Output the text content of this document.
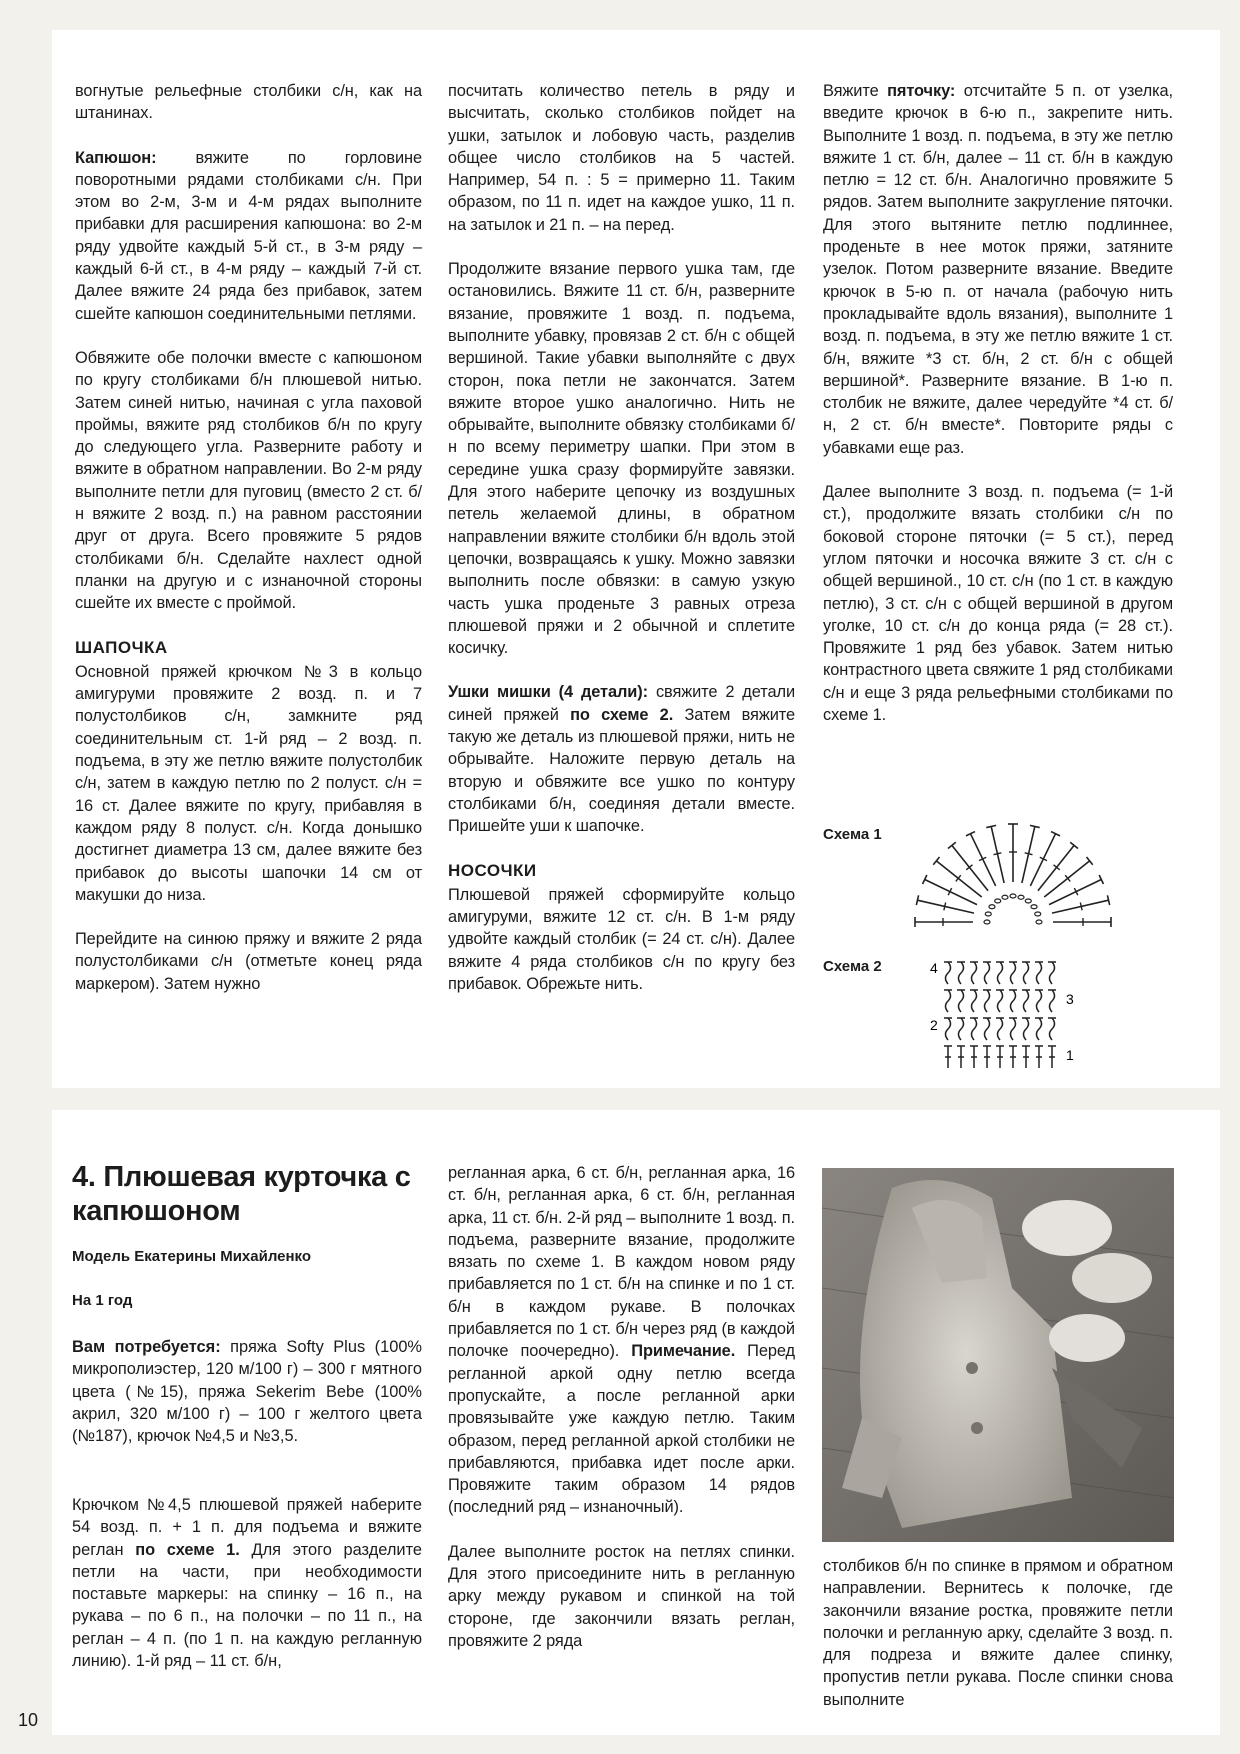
вогнутые рельефные столбики с/н, как на штанинах.

Капюшон: вяжите по горловине поворотными рядами столбиками с/н. При этом во 2-м, 3-м и 4-м рядах выполните прибавки для расширения капюшона: во 2-м ряду удвойте каждый 5-й ст., в 3-м ряду – каждый 6-й ст., в 4-м ряду – каждый 7-й ст. Далее вяжите 24 ряда без прибавок, затем сшейте капюшон соединительными петлями.

Обвяжите обе полочки вместе с капюшоном по кругу столбиками б/н плюшевой нитью. Затем синей нитью, начиная с угла паховой проймы, вяжите ряд столбиков б/н по кругу до следующего угла. Разверните работу и вяжите в обратном направлении. Во 2-м ряду выполните петли для пуговиц (вместо 2 ст. б/н вяжите 2 возд. п.) на равном расстоянии друг от друга. Всего провяжите 5 рядов столбиками б/н. Сделайте нахлест одной планки на другую и с изнаночной стороны сшейте их вместе с проймой.

ШАПОЧКА

Основной пряжей крючком №3 в кольцо амигуруми провяжите 2 возд. п. и 7 полустолбиков с/н, замкните ряд соединительным ст. 1-й ряд – 2 возд. п. подъема, в эту же петлю вяжите полустолбик с/н, затем в каждую петлю по 2 полуст. с/н = 16 ст. Далее вяжите по кругу, прибавляя в каждом ряду 8 полуст. с/н. Когда донышко достигнет диаметра 13 см, далее вяжите без прибавок до высоты шапочки 14 см от макушки до низа.

Перейдите на синюю пряжу и вяжите 2 ряда полустолбиками с/н (отметьте конец ряда маркером). Затем нужно

посчитать количество петель в ряду и высчитать, сколько столбиков пойдет на ушки, затылок и лобовую часть, разделив общее число столбиков на 5 частей. Например, 54 п. : 5 = примерно 11. Таким образом, по 11 п. идет на каждое ушко, 11 п. на затылок и 21 п. – на перед.

Продолжите вязание первого ушка там, где остановились. Вяжите 11 ст. б/н, разверните вязание, провяжите 1 возд. п. подъема, выполните убавку, провязав 2 ст. б/н с общей вершиной. Такие убавки выполняйте с двух сторон, пока петли не закончатся. Затем вяжите второе ушко аналогично. Нить не обрывайте, выполните обвязку столбиками б/н по всему периметру шапки. При этом в середине ушка сразу формируйте завязки. Для этого наберите цепочку из воздушных петель желаемой длины, в обратном направлении вяжите столбики б/н вдоль этой цепочки, возвращаясь к ушку. Можно завязки выполнить после обвязки: в самую узкую часть ушка проденьте 3 равных отреза плюшевой пряжи и 2 обычной и сплетите косичку.

Ушки мишки (4 детали): свяжите 2 детали синей пряжей по схеме 2. Затем вяжите такую же деталь из плюшевой пряжи, нить не обрывайте. Наложите первую деталь на вторую и обвяжите все ушко по контуру столбиками б/н, соединяя детали вместе. Пришейте уши к шапочке.

НОСОЧКИ

Плюшевой пряжей сформируйте кольцо амигуруми, вяжите 12 ст. с/н. В 1-м ряду удвойте каждый столбик (= 24 ст. с/н). Далее вяжите 4 ряда столбиков с/н по кругу без прибавок. Обрежьте нить.

Вяжите пяточку: отсчитайте 5 п. от узелка, введите крючок в 6-ю п., закрепите нить. Выполните 1 возд. п. подъема, в эту же петлю вяжите 1 ст. б/н, далее – 11 ст. б/н в каждую петлю = 12 ст. б/н. Аналогично провяжите 5 рядов. Затем выполните закругление пяточки. Для этого вытяните петлю подлиннее, проденьте в нее моток пряжи, затяните узелок. Потом разверните вязание. Введите крючок в 5-ю п. от начала (рабочую нить прокладывайте вдоль вязания), выполните 1 возд. п. подъема, в эту же петлю вяжите 1 ст. б/н, вяжите *3 ст. б/н, 2 ст. б/н с общей вершиной*. Разверните вязание. В 1-ю п. столбик не вяжите, далее чередуйте *4 ст. б/н, 2 ст. б/н вместе*. Повторите ряды с убавками еще раз.

Далее выполните 3 возд. п. подъема (= 1-й ст.), продолжите вязать столбики с/н по боковой стороне пяточки (= 5 ст.), перед углом пяточки и носочка вяжите 3 ст. с/н с общей вершиной., 10 ст. с/н (по 1 ст. в каждую петлю), 3 ст. с/н с общей вершиной в другом уголке, 10 ст. с/н до конца ряда (= 28 ст.). Провяжите 1 ряд без убавок. Затем нитью контрастного цвета свяжите 1 ряд столбиками с/н и еще 3 ряда рельефными столбиками по схеме 1.

Схема 1
Схема 2	4
3
2
1
4. Плюшевая курточка с капюшоном

Модель Екатерины Михайленко

На 1 год

Вам потребуется: пряжа Softy Plus (100% микрополиэстер, 120 м/100 г) – 300 г мятного цвета (№15), пряжа Sekerim Bebe (100% акрил, 320 м/100 г) – 100 г желтого цвета (№187), крючок №4,5 и №3,5.

Крючком №4,5 плюшевой пряжей наберите 54 возд. п. + 1 п. для подъема и вяжите реглан по схеме 1. Для этого разделите петли на части, при необходимости поставьте маркеры: на спинку – 16 п., на рукава – по 6 п., на полочки – по 11 п., на реглан – 4 п. (по 1 п. на каждую регланную линию). 1-й ряд – 11 ст. б/н,

регланная арка, 6 ст. б/н, регланная арка, 16 ст. б/н, регланная арка, 6 ст. б/н, регланная арка, 11 ст. б/н. 2-й ряд – выполните 1 возд. п. подъема, разверните вязание, продолжите вязать по схеме 1. В каждом новом ряду прибавляется по 1 ст. б/н на спинке и по 1 ст. б/н в каждом рукаве. В полочках прибавляется по 1 ст. б/н через ряд (в каждой полочке поочередно). Примечание. Перед регланной аркой одну петлю всегда пропускайте, а после регланной арки провязывайте уже каждую петлю. Таким образом, перед регланной аркой столбики не прибавляются, прибавка идет после арки. Провяжите таким образом 14 рядов (последний ряд – изнаночный).

Далее выполните росток на петлях спинки. Для этого присоедините нить в регланную арку между рукавом и спинкой на той стороне, где закончили вязать реглан, провяжите 2 ряда

столбиков б/н по спинке в прямом и обратном направлении. Вернитесь к полочке, где закончили вязание ростка, провяжите петли полочки и регланную арку, сделайте 3 возд. п. для подреза и вяжите далее спинку, пропустив петли рукава. После спинки снова выполните

10
